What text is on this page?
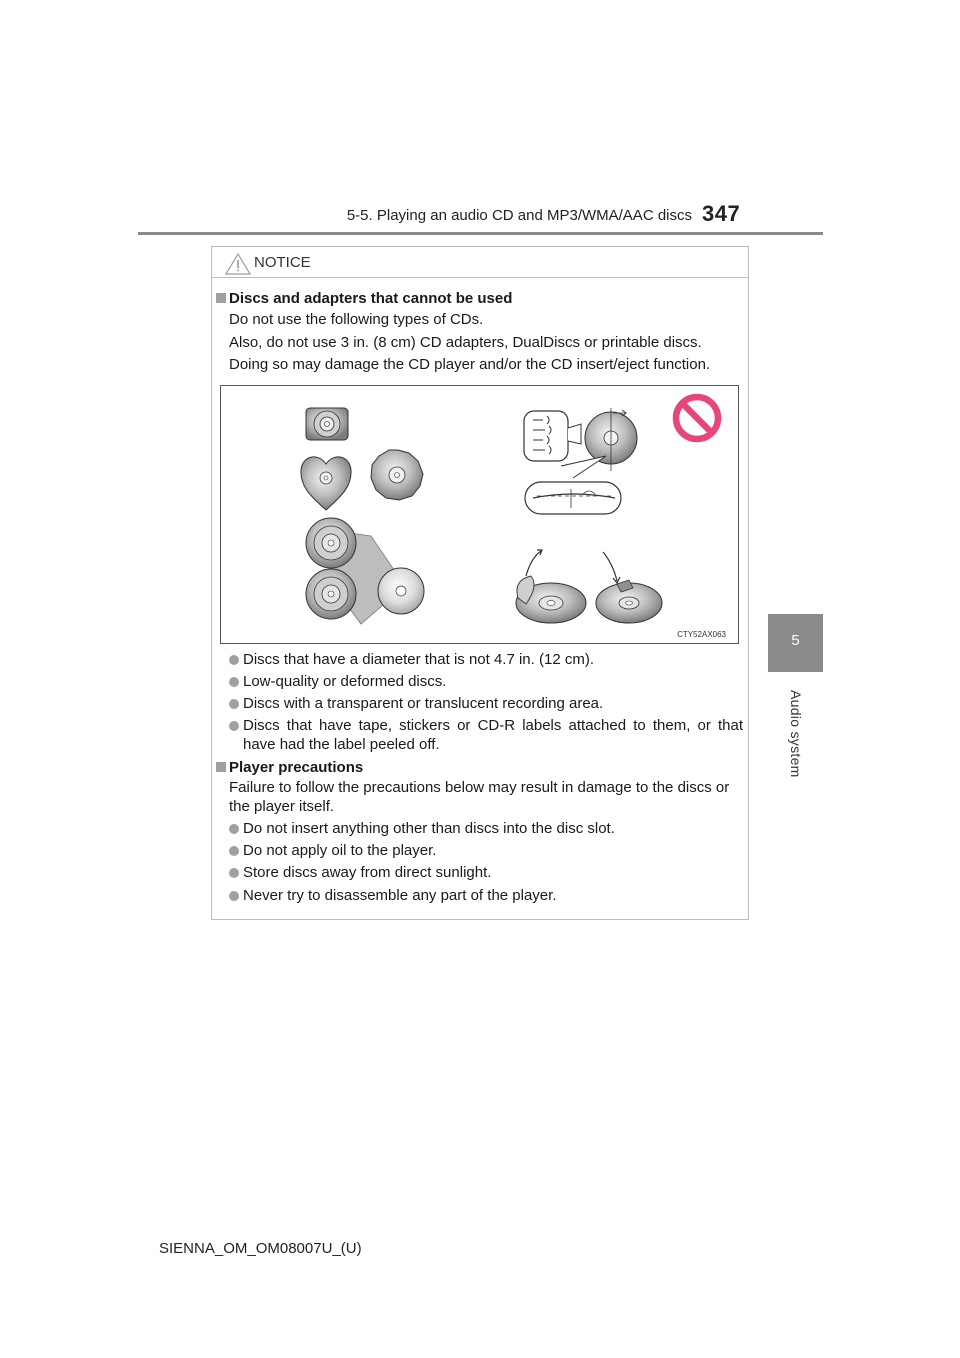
5-5. Playing an audio CD and MP3/WMA/AAC discs 347
5
Audio system
NOTICE
Discs and adapters that cannot be used
Do not use the following types of CDs.
Also, do not use 3 in. (8 cm) CD adapters, DualDiscs or printable discs.
Doing so may damage the CD player and/or the CD insert/eject function.
CTY52AX063
Discs that have a diameter that is not 4.7 in. (12 cm).
Low-quality or deformed discs.
Discs with a transparent or translucent recording area.
Discs that have tape, stickers or CD-R labels attached to them, or that have had the label peeled off.
Player precautions
Failure to follow the precautions below may result in damage to the discs or the player itself.
Do not insert anything other than discs into the disc slot.
Do not apply oil to the player.
Store discs away from direct sunlight.
Never try to disassemble any part of the player.
SIENNA_OM_OM08007U_(U)
